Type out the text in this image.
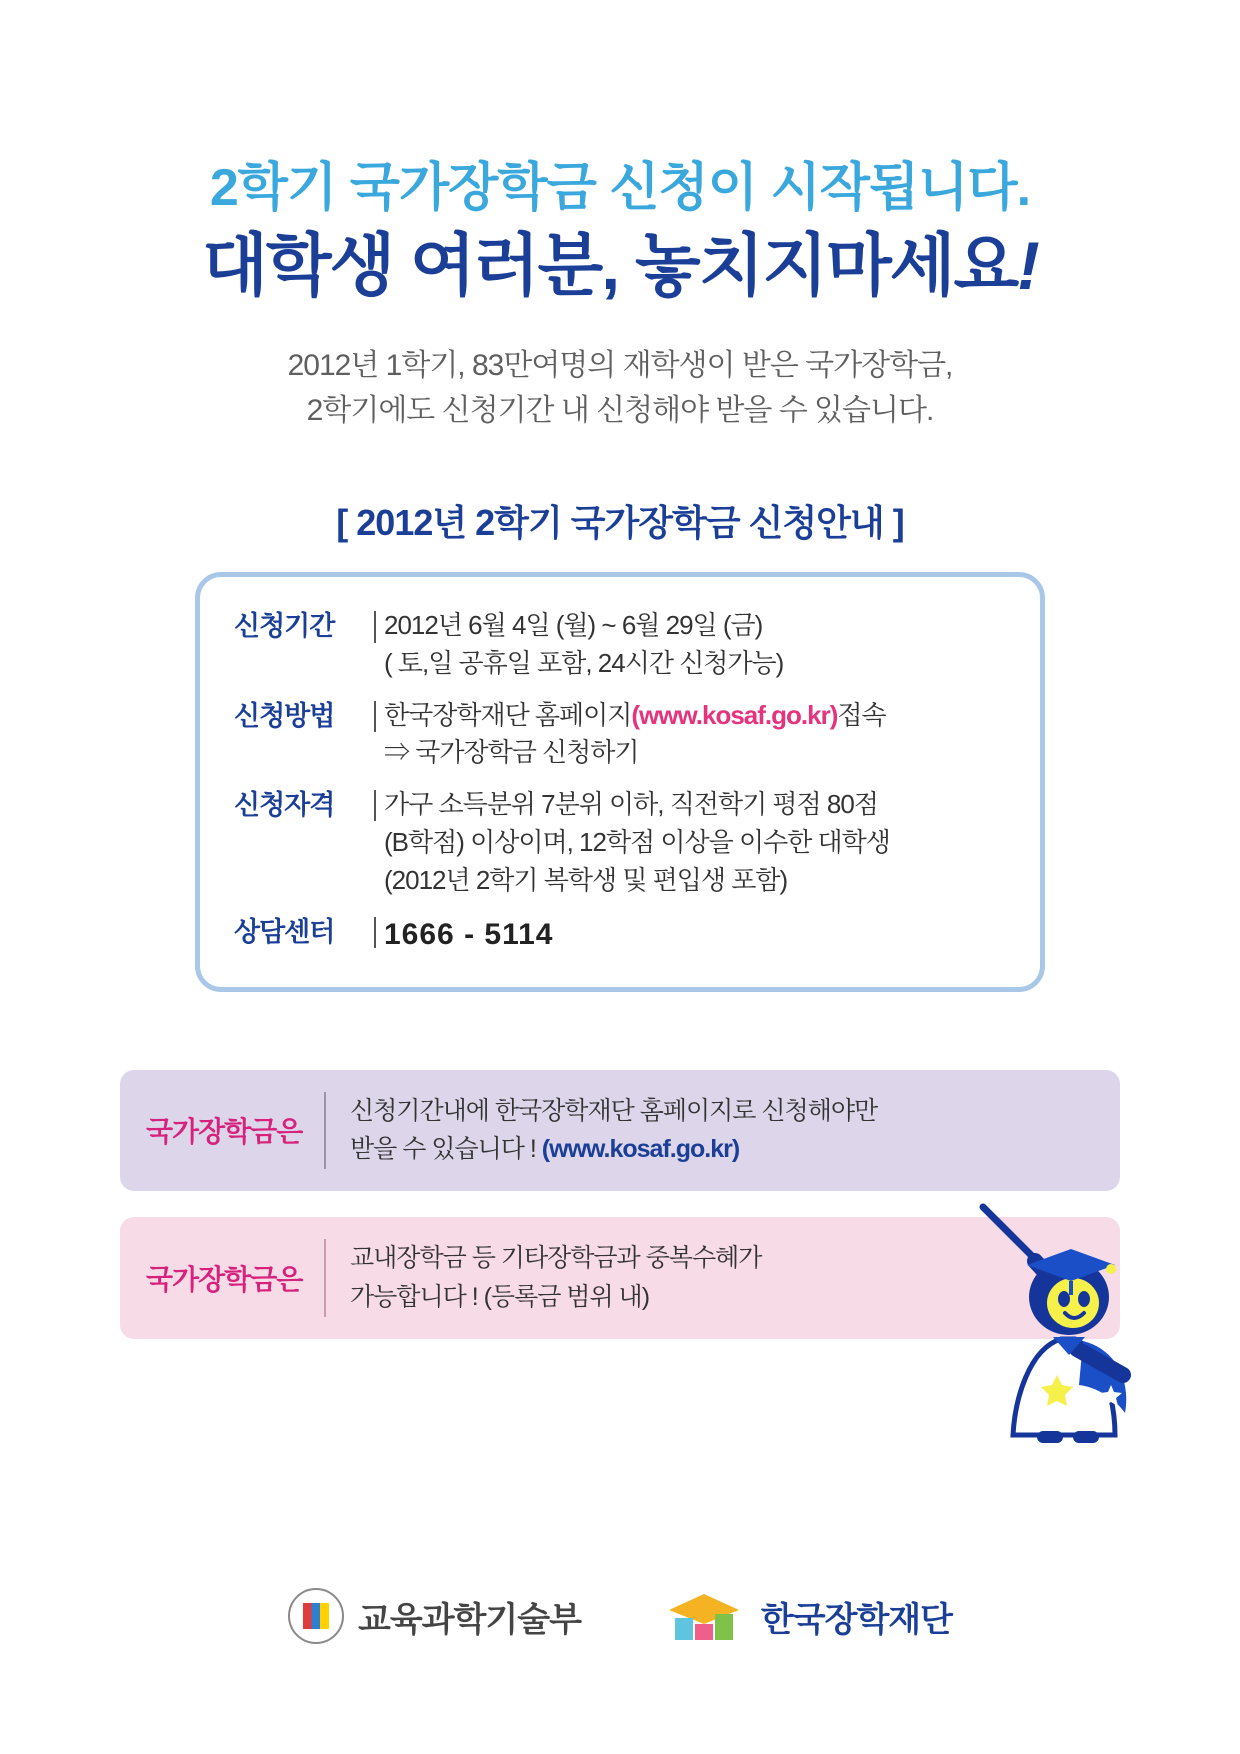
2학기 국가장학금 신청이 시작됩니다.
대학생 여러분, 놓치지마세요!
2012년 1학기, 83만여명의 재학생이 받은 국가장학금,
2학기에도 신청기간 내 신청해야 받을 수 있습니다.
[ 2012년 2학기 국가장학금 신청안내 ]
신청기간	2012년 6월 4일 (월) ~ 6월 29일 (금)
( 토,일 공휴일 포함, 24시간 신청가능)
신청방법	한국장학재단 홈페이지(www.kosaf.go.kr)접속
⇒ 국가장학금 신청하기
신청자격	가구 소득분위 7분위 이하, 직전학기 평점 80점
(B학점) 이상이며, 12학점 이상을 이수한 대학생
(2012년 2학기 복학생 및 편입생 포함)
상담센터	1666 - 5114
국가장학금은
신청기간내에 한국장학재단 홈페이지로 신청해야만
받을 수 있습니다 ! (www.kosaf.go.kr)
국가장학금은
교내장학금 등 기타장학금과 중복수혜가
가능합니다 ! (등록금 범위 내)
교육과학기술부	한국장학재단
